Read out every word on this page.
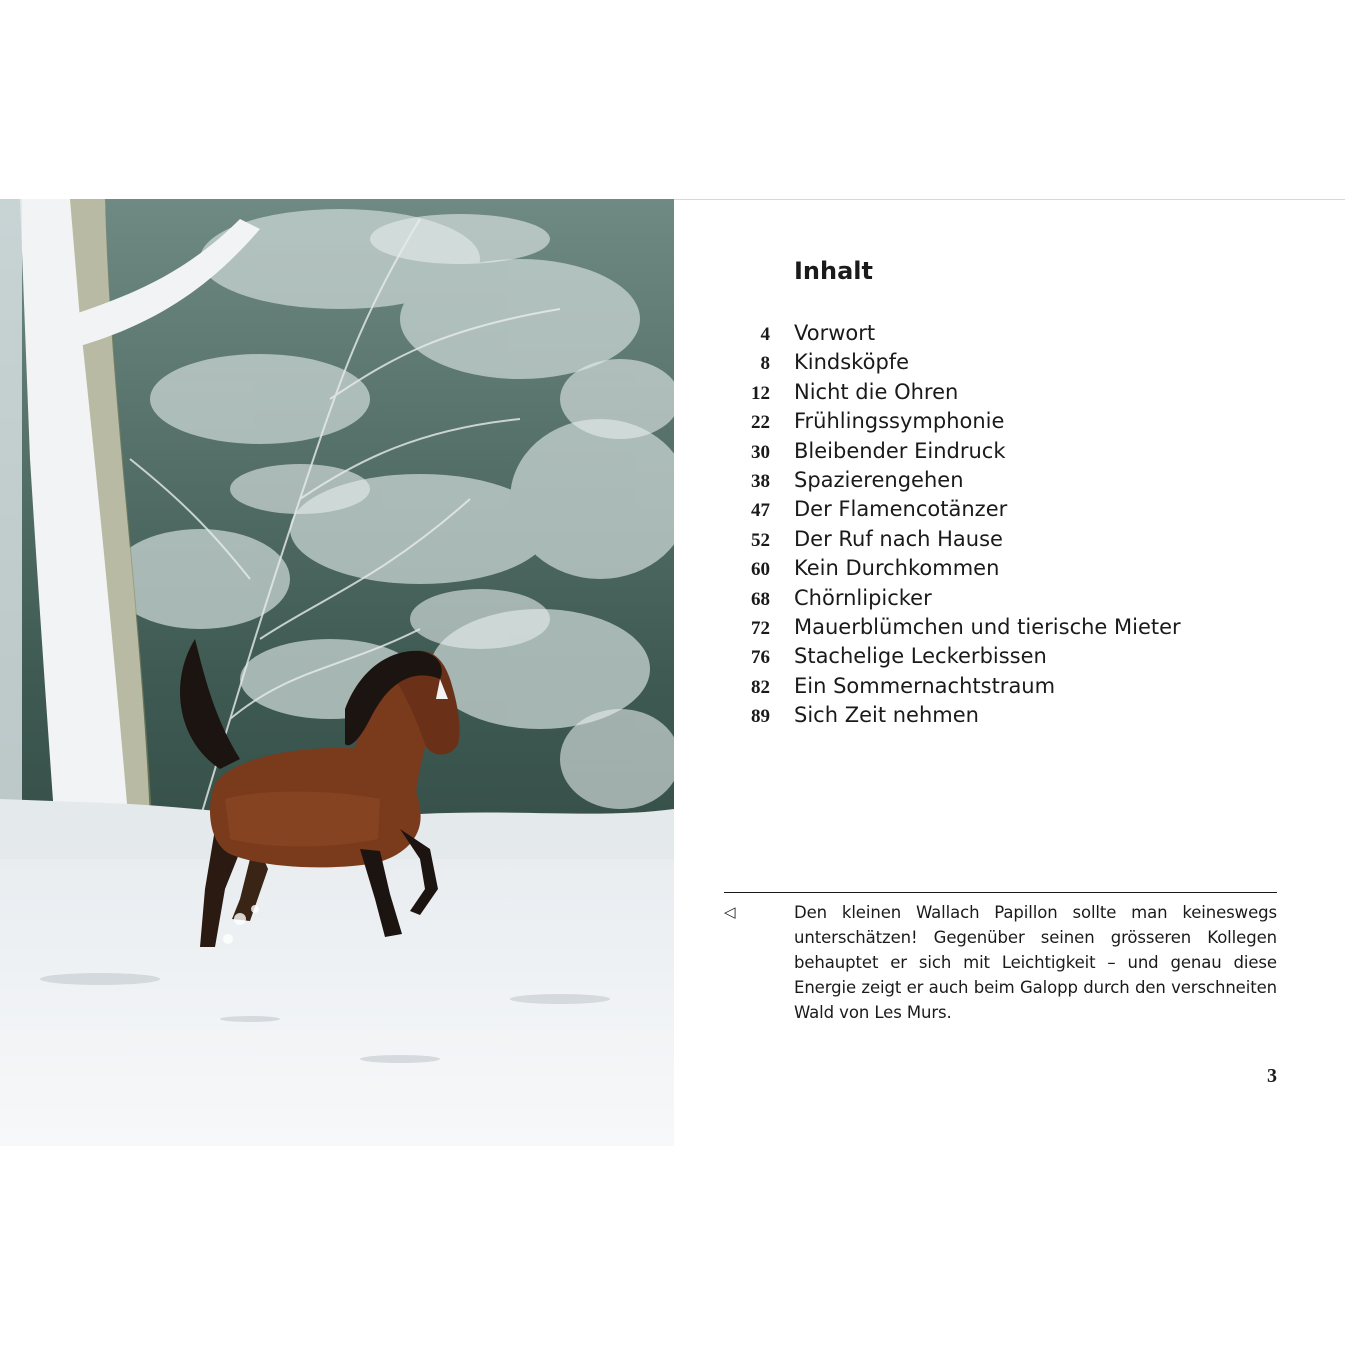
Inhalt
4 Vorwort
8 Kindsköpfe
12 Nicht die Ohren
22 Frühlingssymphonie
30 Bleibender Eindruck
38 Spazierengehen
47 Der Flamencotänzer
52 Der Ruf nach Hause
60 Kein Durchkommen
68 Chörnlipicker
72 Mauerblümchen und tierische Mieter
76 Stachelige Leckerbissen
82 Ein Sommernachtstraum
89 Sich Zeit nehmen
◁	Den kleinen Wallach Papillon sollte man keineswegs unterschätzen! Gegenüber seinen grösseren Kollegen behauptet er sich mit Leichtigkeit – und genau diese Energie zeigt er auch beim Galopp durch den verschneiten Wald von Les Murs.

3
